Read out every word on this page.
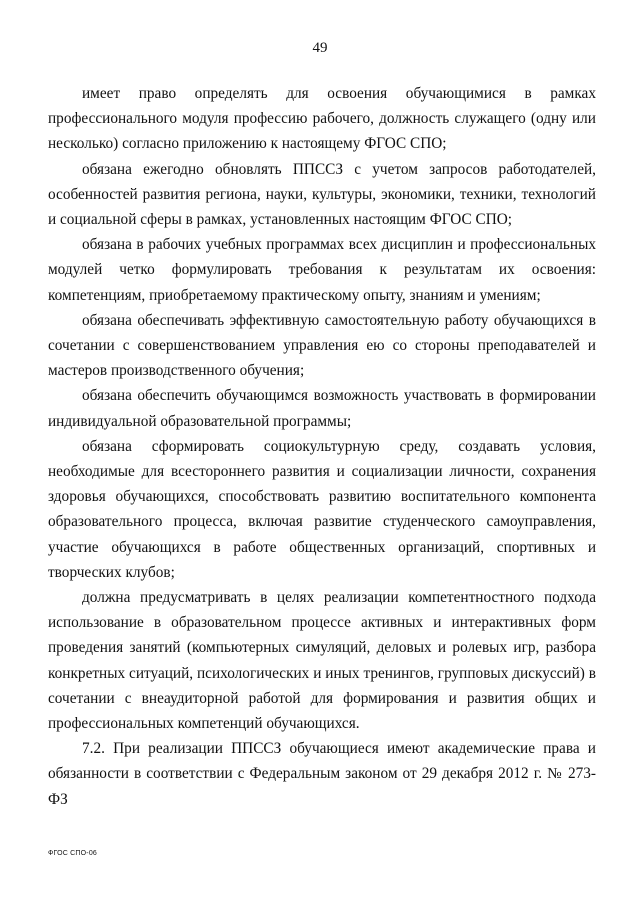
49

имеет право определять для освоения обучающимися в рамках профессионального модуля профессию рабочего, должность служащего (одну или несколько) согласно приложению к настоящему ФГОС СПО;

обязана ежегодно обновлять ППССЗ с учетом запросов работодателей, особенностей развития региона, науки, культуры, экономики, техники, технологий и социальной сферы в рамках, установленных настоящим ФГОС СПО;

обязана в рабочих учебных программах всех дисциплин и профессиональных модулей четко формулировать требования к результатам их освоения: компетенциям, приобретаемому практическому опыту, знаниям и умениям;

обязана обеспечивать эффективную самостоятельную работу обучающихся в сочетании с совершенствованием управления ею со стороны преподавателей и мастеров производственного обучения;

обязана обеспечить обучающимся возможность участвовать в формировании индивидуальной образовательной программы;

обязана сформировать социокультурную среду, создавать условия, необходимые для всестороннего развития и социализации личности, сохранения здоровья обучающихся, способствовать развитию воспитательного компонента образовательного процесса, включая развитие студенческого самоуправления, участие обучающихся в работе общественных организаций, спортивных и творческих клубов;

должна предусматривать в целях реализации компетентностного подхода использование в образовательном процессе активных и интерактивных форм проведения занятий (компьютерных симуляций, деловых и ролевых игр, разбора конкретных ситуаций, психологических и иных тренингов, групповых дискуссий) в сочетании с внеаудиторной работой для формирования и развития общих и профессиональных компетенций обучающихся.

7.2. При реализации ППССЗ обучающиеся имеют академические права и обязанности в соответствии с Федеральным законом от 29 декабря 2012 г. № 273-ФЗ

ФГОС СПО-06
